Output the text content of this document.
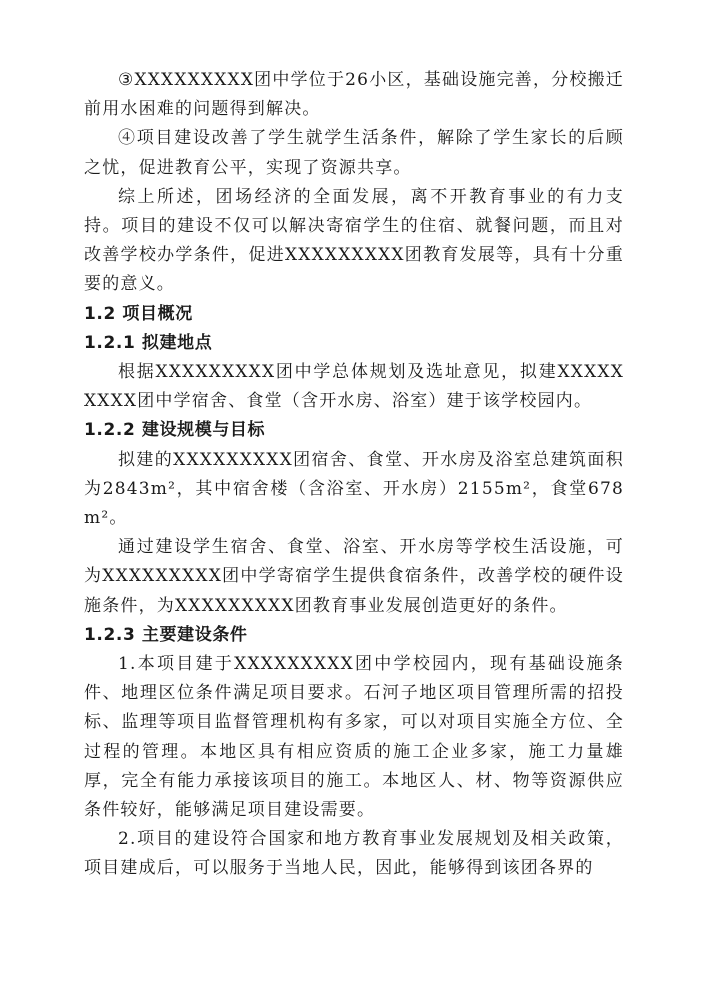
③XXXXXXXXX团中学位于26小区，基础设施完善，分校搬迁前用水困难的问题得到解决。

④项目建设改善了学生就学生活条件，解除了学生家长的后顾之忧，促进教育公平，实现了资源共享。

综上所述，团场经济的全面发展，离不开教育事业的有力支持。项目的建设不仅可以解决寄宿学生的住宿、就餐问题，而且对改善学校办学条件，促进XXXXXXXXX团教育发展等，具有十分重要的意义。

1.2 项目概况

1.2.1 拟建地点

根据XXXXXXXXX团中学总体规划及选址意见，拟建XXXXXXXXX团中学宿舍、食堂（含开水房、浴室）建于该学校园内。

1.2.2 建设规模与目标

拟建的XXXXXXXXX团宿舍、食堂、开水房及浴室总建筑面积为2843m²，其中宿舍楼（含浴室、开水房）2155m²，食堂678m²。

通过建设学生宿舍、食堂、浴室、开水房等学校生活设施，可为XXXXXXXXX团中学寄宿学生提供食宿条件，改善学校的硬件设施条件，为XXXXXXXXX团教育事业发展创造更好的条件。

1.2.3 主要建设条件

1.本项目建于XXXXXXXXX团中学校园内，现有基础设施条件、地理区位条件满足项目要求。石河子地区项目管理所需的招投标、监理等项目监督管理机构有多家，可以对项目实施全方位、全过程的管理。本地区具有相应资质的施工企业多家，施工力量雄厚，完全有能力承接该项目的施工。本地区人、材、物等资源供应条件较好，能够满足项目建设需要。

2.项目的建设符合国家和地方教育事业发展规划及相关政策，项目建成后，可以服务于当地人民，因此，能够得到该团各界的
